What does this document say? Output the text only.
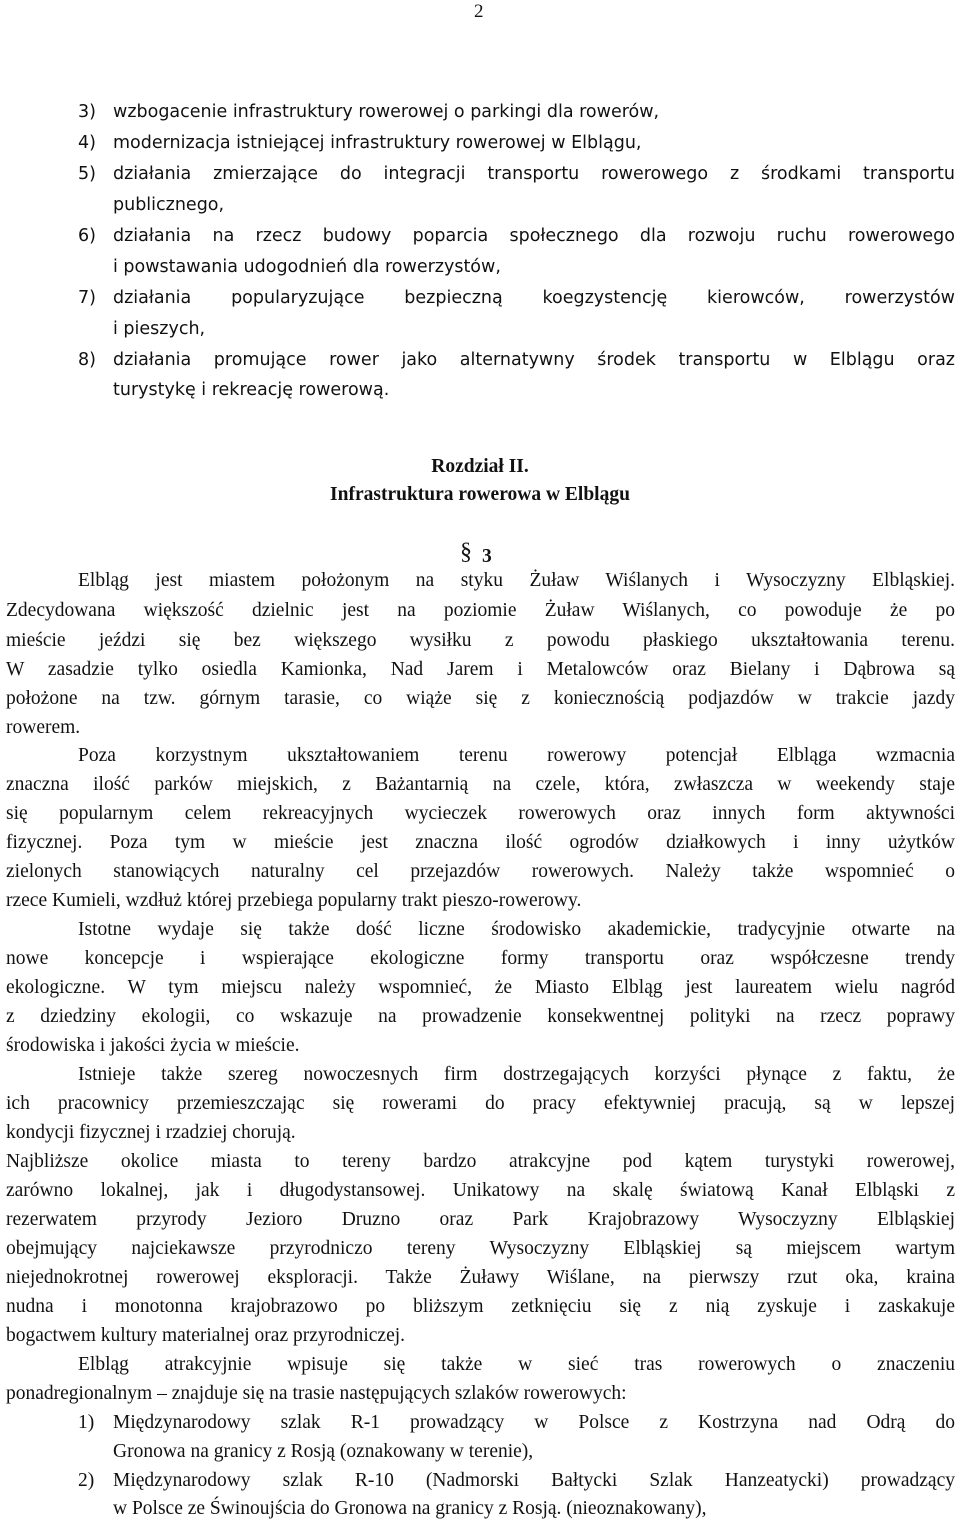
2
3) wzbogacenie infrastruktury rowerowej o parkingi dla rowerów,
4) modernizacja istniejącej infrastruktury rowerowej w Elblągu,
5) działania zmierzające do integracji transportu rowerowego z środkami transportu
publicznego,
6) działania na rzecz budowy poparcia społecznego dla rozwoju ruchu rowerowego
i powstawania udogodnień dla rowerzystów,
7) działania popularyzujące bezpieczną koegzystencję kierowców, rowerzystów
i pieszych,
8) działania promujące rower jako alternatywny środek transportu w Elblągu oraz
turystykę i rekreację rowerową.
Rozdział II.
Infrastruktura rowerowa w Elblągu
§ 3
Elbląg jest miastem położonym na styku Żuław Wiślanych i Wysoczyzny Elbląskiej.
Zdecydowana większość dzielnic jest na poziomie Żuław Wiślanych, co powoduje że po
mieście jeździ się bez większego wysiłku z powodu płaskiego ukształtowania terenu.
W zasadzie tylko osiedla Kamionka, Nad Jarem i Metalowców oraz Bielany i Dąbrowa są
położone na tzw. górnym tarasie, co wiąże się z koniecznością podjazdów w trakcie jazdy
rowerem.
Poza korzystnym ukształtowaniem terenu rowerowy potencjał Elbląga wzmacnia
znaczna ilość parków miejskich, z Bażantarnią na czele, która, zwłaszcza w weekendy staje
się popularnym celem rekreacyjnych wycieczek rowerowych oraz innych form aktywności
fizycznej. Poza tym w mieście jest znaczna ilość ogrodów działkowych i inny użytków
zielonych stanowiących naturalny cel przejazdów rowerowych. Należy także wspomnieć o
rzece Kumieli, wzdłuż której przebiega popularny trakt pieszo-rowerowy.
Istotne wydaje się także dość liczne środowisko akademickie, tradycyjnie otwarte na
nowe koncepcje i wspierające ekologiczne formy transportu oraz współczesne trendy
ekologiczne. W tym miejscu należy wspomnieć, że Miasto Elbląg jest laureatem wielu nagród
z dziedziny ekologii, co wskazuje na prowadzenie konsekwentnej polityki na rzecz poprawy
środowiska i jakości życia w mieście.
Istnieje także szereg nowoczesnych firm dostrzegających korzyści płynące z faktu, że
ich pracownicy przemieszczając się rowerami do pracy efektywniej pracują, są w lepszej
kondycji fizycznej i rzadziej chorują.
Najbliższe okolice miasta to tereny bardzo atrakcyjne pod kątem turystyki rowerowej,
zarówno lokalnej, jak i długodystansowej. Unikatowy na skalę światową Kanał Elbląski z
rezerwatem przyrody Jezioro Druzno oraz Park Krajobrazowy Wysoczyzny Elbląskiej
obejmujący najciekawsze przyrodniczo tereny Wysoczyzny Elbląskiej są miejscem wartym
niejednokrotnej rowerowej eksploracji. Także Żuławy Wiślane, na pierwszy rzut oka, kraina
nudna i monotonna krajobrazowo po bliższym zetknięciu się z nią zyskuje i zaskakuje
bogactwem kultury materialnej oraz przyrodniczej.
Elbląg atrakcyjnie wpisuje się także w sieć tras rowerowych o znaczeniu
ponadregionalnym – znajduje się na trasie następujących szlaków rowerowych:
1) Międzynarodowy szlak R-1 prowadzący w Polsce z Kostrzyna nad Odrą do
Gronowa na granicy z Rosją (oznakowany w terenie),
2) Międzynarodowy szlak R-10 (Nadmorski Bałtycki Szlak Hanzeatycki) prowadzący
w Polsce ze Świnoujścia do Gronowa na granicy z Rosją. (nieoznakowany),
